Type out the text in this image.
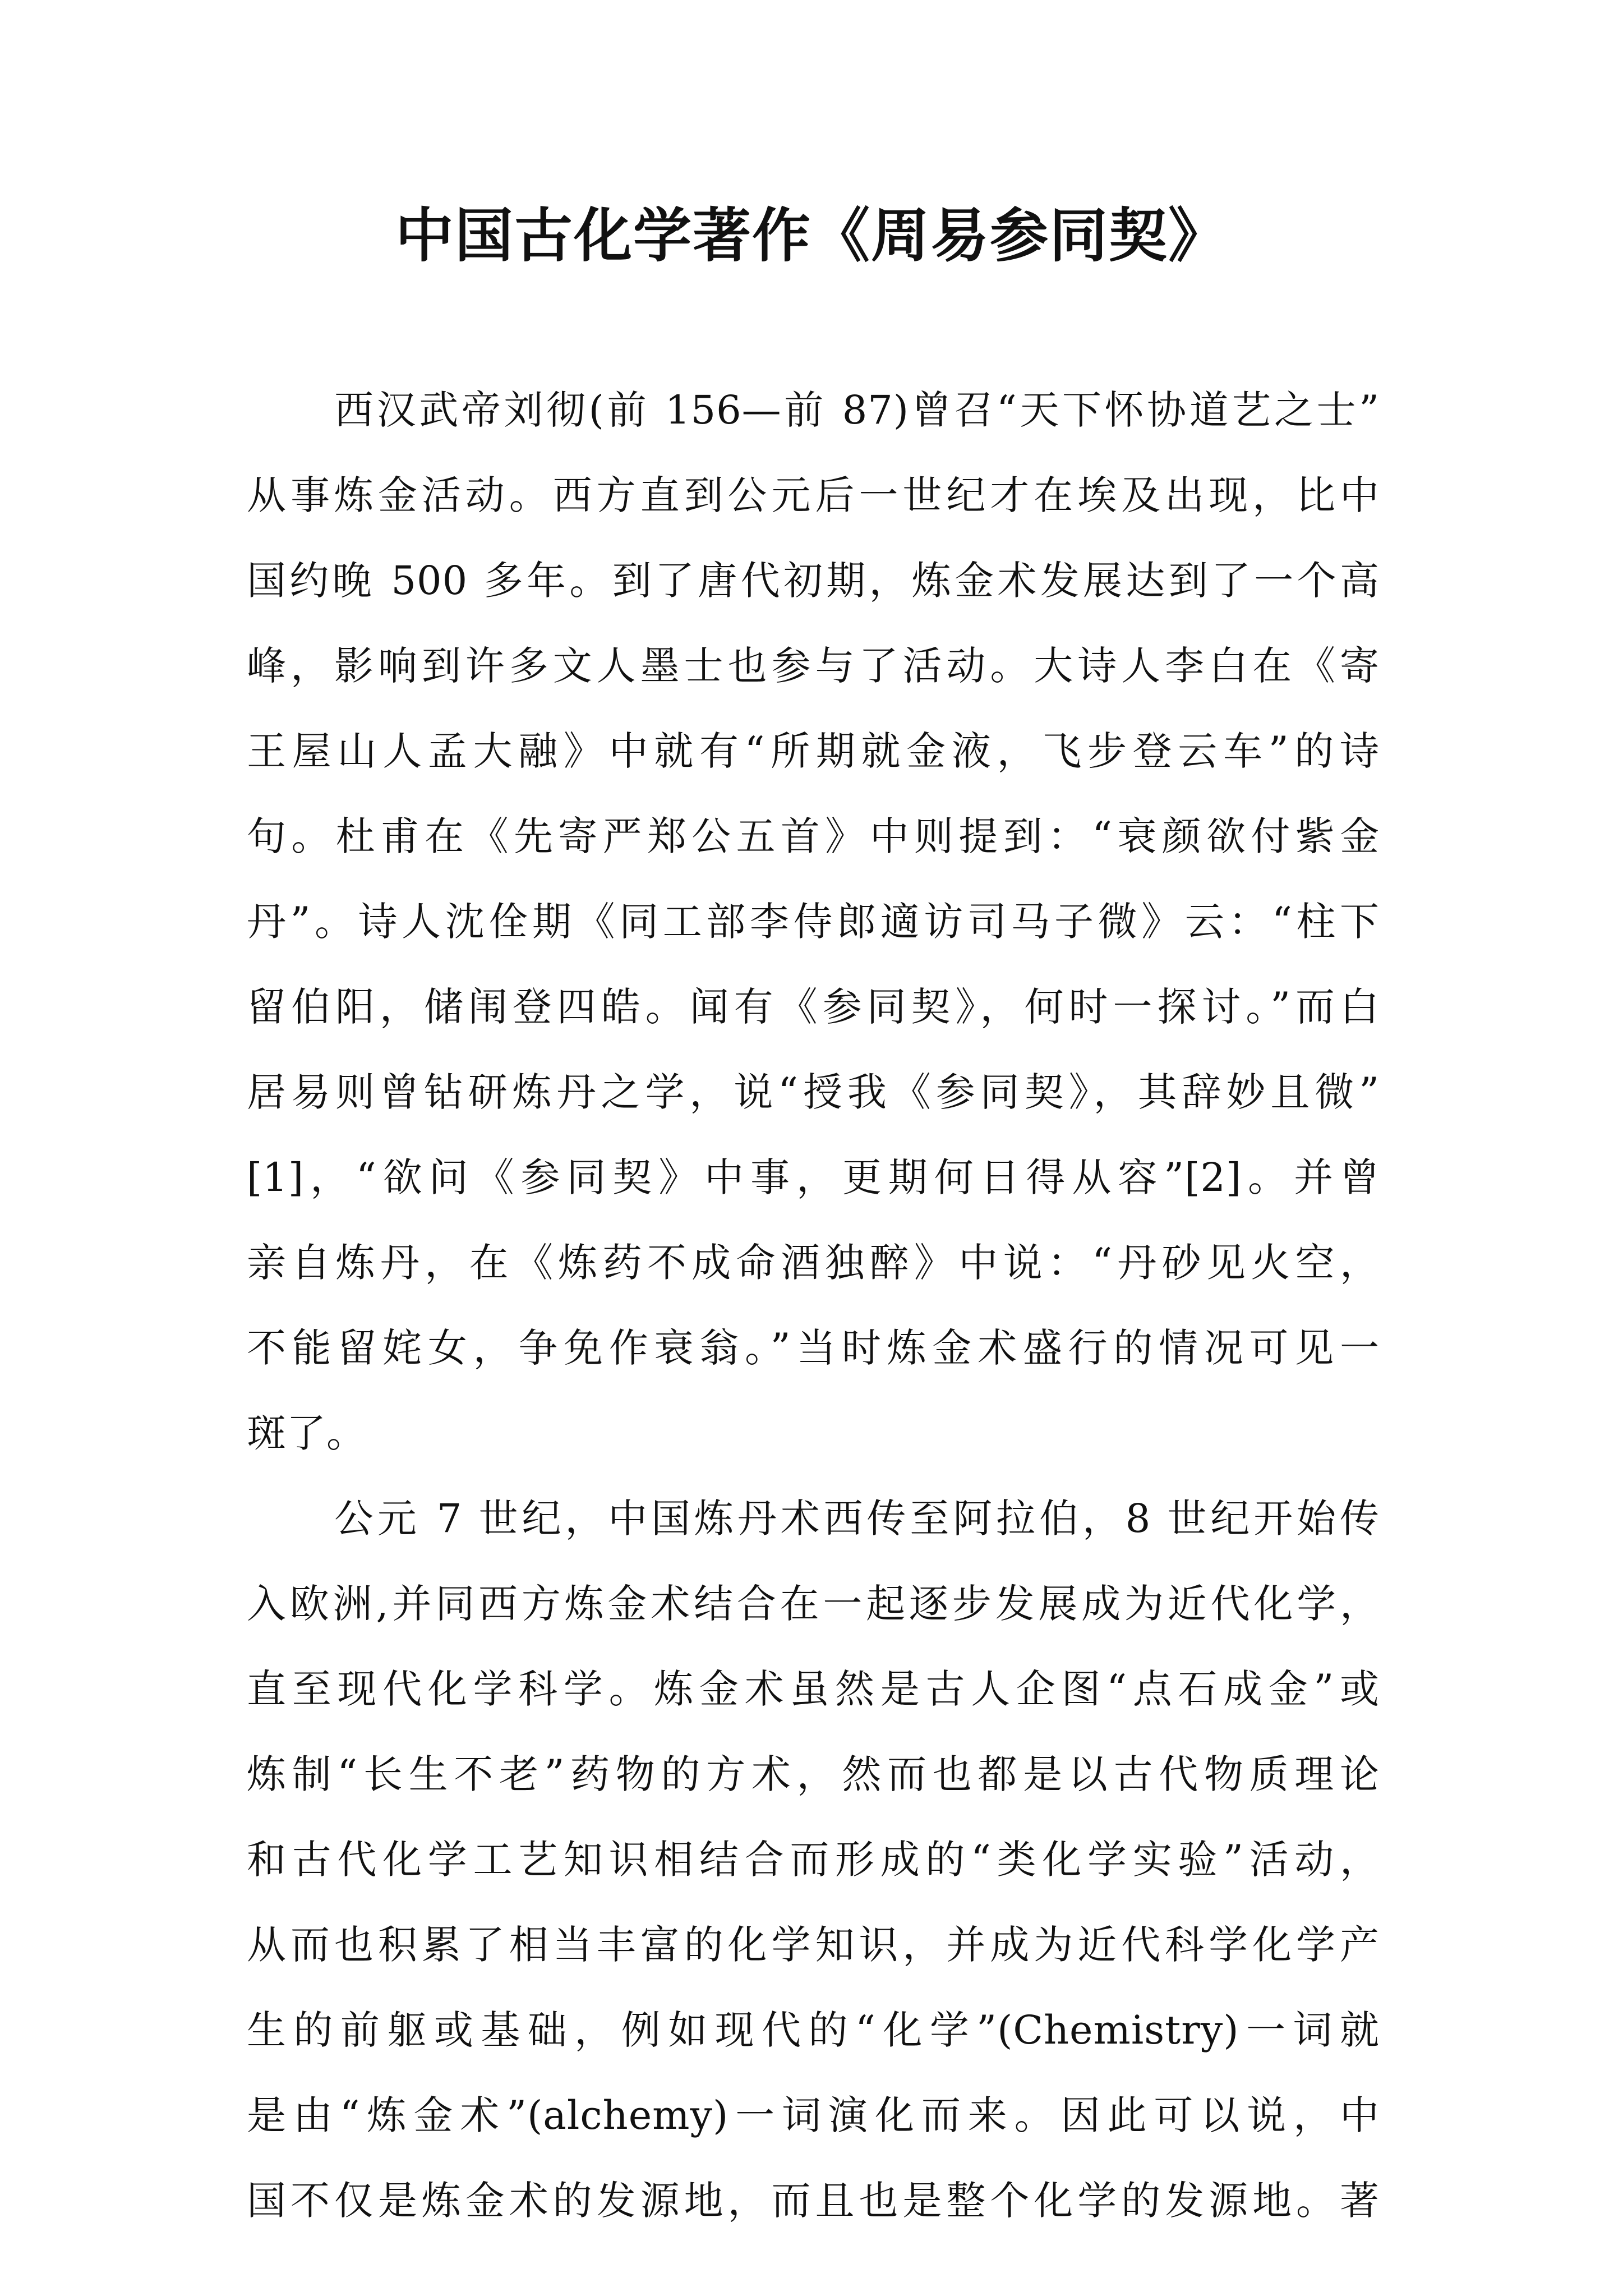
中国古化学著作《周易参同契》
西汉武帝刘彻(前 156—前 87)曾召“天下怀协道艺之士”
从事炼金活动。西方直到公元后一世纪才在埃及出现，比中
国约晚 500 多年。到了唐代初期，炼金术发展达到了一个高
峰，影响到许多文人墨士也参与了活动。大诗人李白在《寄
王屋山人孟大融》中就有“所期就金液，飞步登云车”的诗
句。杜甫在《先寄严郑公五首》中则提到：“衰颜欲付紫金
丹”。诗人沈佺期《同工部李侍郎適访司马子微》云：“柱下
留伯阳，储闱登四皓。闻有《参同契》，何时一探讨。”而白
居易则曾钻研炼丹之学，说“授我《参同契》，其辞妙且微”
[1]，“欲问《参同契》中事，更期何日得从容”[2]。并曾
亲自炼丹，在《炼药不成命酒独醉》中说：“丹砂见火空，
不能留姹女，争免作衰翁。”当时炼金术盛行的情况可见一
斑了。
公元 7 世纪，中国炼丹术西传至阿拉伯，8 世纪开始传
入欧洲,并同西方炼金术结合在一起逐步发展成为近代化学，
直至现代化学科学。炼金术虽然是古人企图“点石成金”或
炼制“长生不老”药物的方术，然而也都是以古代物质理论
和古代化学工艺知识相结合而形成的“类化学实验”活动，
从而也积累了相当丰富的化学知识，并成为近代科学化学产
生的前躯或基础，例如现代的“化学”(Chemistry)一词就
是由“炼金术”(alchemy)一词演化而来。因此可以说，中
国不仅是炼金术的发源地，而且也是整个化学的发源地。著
